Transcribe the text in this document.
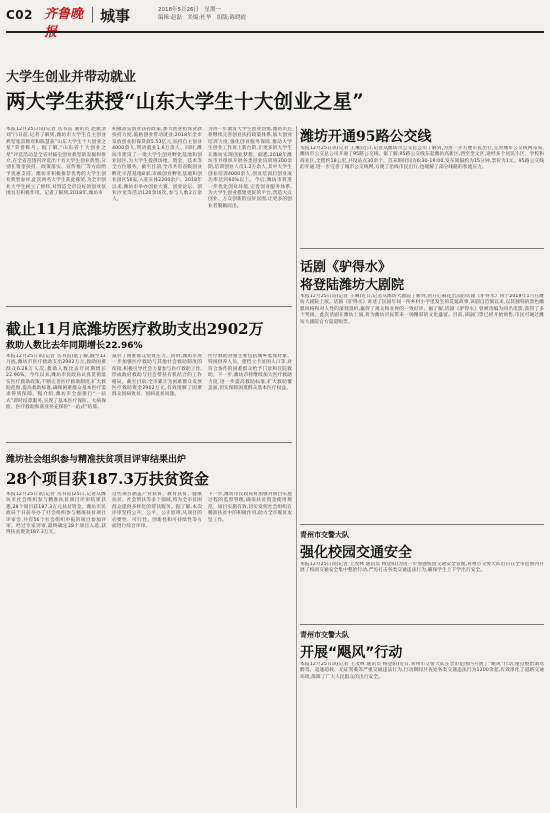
C02 齐鲁晚	城事	2018年5月26日　星期一
编辑:赵磊　美编:杜华　组版:陈晓霞
大学生创业并带动就业
两大学生获授“山东大学生十大创业之星”
本报12月25日讯(记者 丛书雷 通讯员 赵航清 刘宁)日前,记者了解到,潍坊市大学生自主创业典型张雷郎对和陈慧获“山东大学生十大创业之星”荣誉称号。据了解,“山东省十大创业之星”评选活动是全省对拔尖创业典型的发掘和推介,在全省范围内评选出十名大学生创业典型,分别在资金扶持、政策落实、宣传推广等方面给予优惠支持。潍坊市积极推荐优秀的大学生创业典型参评,此次两名大学生获此殊荣,为全市创业大学生树立了榜样,对营造全市良好的创业氛围具有积极作用。记者了解到,2018年,潍坊市
积极落实创业扶持政策,加大创业担保贷款扶持力度,鼓励创业带动就业,2018年全市发放创业担保贷款5.53亿元,扶持自主创业4000余人,带动就业1.6万余人。同时,潍坊市建设了一批大学生创业孵化基地和创业园区,为大学生提供场地、资金、技术等全方位服务。截至目前,全市共有省级创业孵化示范基地8家,市级创业孵化基地和创业园区56家,入驻实体2200余户。2018年以来,潍坊市举办创业大赛、创业论坛、创业沙龙等活动120余场次,参与人数2万余人。
为进一步激发大学生创业热情,潍坊市还将继续完善创业扶持政策体系,加大创业培训力度,强化创业服务保障,推动大学生创业工作再上新台阶,让更多的大学生在潍坊实现创业梦想。据悉,2018年潍坊市共组织开展各类创业培训班300余期,培训创业人员1.2万余人,其中大学生创业培训4000余人,创业培训后创业成功率达到60%以上。今后,潍坊市将进一步优化创业环境,完善创业服务体系,为大学生创业搭建更好的平台,营造大众创业、万众创新的良好氛围,让更多的创业者脱颖而出。
截止11月底潍坊医疗救助支出2902万
救助人数比去年同期增长22.96%
本报12月25日讯(记者 丛书雷)据了解,截至11月底,潍坊市医疗救助支出2902万元,救助困难群众6.28万人次,救助人数比去年同期增长22.96%。今年以来,潍坊市民政局认真贯彻落实医疗救助政策,不断完善医疗救助制度,扩大救助范围,提高救助标准,确保困难群众基本医疗需求得到保障。据介绍,潍坊市全面推行“一站式”即时结算服务,实现了基本医疗保险、大病保险、医疗救助和商业补充保险“一站式”结算,
减轻了困难群众垫资压力。同时,潍坊市进一步加强医疗救助与其他社会救助制度的衔接,积极引导社会力量参与医疗救助工作,形成政府救助与社会帮扶有机结合的工作格局。截至目前,全市累计为困难群众发放医疗救助资金2902万元,有效缓解了困难群众因病致贫、因病返贫问题。
医疗救助对象主要包括城乡低保对象、特困供养人员、建档立卡贫困人口等,对符合条件的困难群众给予门诊和住院救助。下一步,潍坊市将继续加大医疗救助力度,进一步提高救助标准,扩大救助覆盖面,切实保障困难群众基本医疗权益。
潍坊社会组织参与精准扶贫项目评审结果出炉
28个项目获187.3万扶贫资金
本报12月25日讯(记者 丛书雷)25日,记者从潍坊市社会组织参与精准扶贫项目评审结果获悉,28个项目获187.3万元扶贫资金。潍坊市民政局于日前举办了社会组织参与精准扶贫项目评审会,共有56个社会组织申报的项目参加评审。经过专家评审,最终确定28个项目入选,获得扶贫资金187.3万元,
这些项目涵盖产业扶贫、教育扶贫、健康扶贫、社会帮扶等多个领域,将为全市贫困群众提供多样化的帮扶服务。据了解,本次评审坚持公开、公平、公正原则,从项目的必要性、可行性、创新性和可持续性等方面进行综合评审。
下一步,潍坊市民政局将加强对项目实施过程的监督管理,确保扶贫资金使用规范、项目实施有效,切实发挥社会组织在精准扶贫中的积极作用,助力全市脱贫攻坚工作。
潍坊开通95路公交线
本报12月25日讯(记者 王琳)近日,记者从潍坊市公交总公司了解到,为进一步方便市民出行,完善城市公交线网布局,潍坊市公交总公司开通了95路公交线。据了解,95路公交线东起潍坊高新区,西至奎文区,途经多个居民小区、学校和商业区,全程约18公里,共设站点30余个。首末班时间为6:30-19:00,发车间隔约为15分钟,票价为1元。95路公交线的开通,进一步完善了城市公交线网,方便了沿线市民出行,也缓解了部分线路的客流压力。
话剧《驴得水》
将登陆潍坊大剧院
本报12月25日讯(记者 王琳)近日,记者从潍坊大剧院了解到,由开心麻花出品的话剧《驴得水》将于2019年1月在潍坊大剧院上演。话剧《驴得水》讲述了民国年间一所乡村小学里发生的荒诞故事,该剧自首演以来,以其独特的黑色幽默风格和对人性的深刻剖析,赢得了观众和业界的一致好评。据了解,话剧《驴得水》曾被改编为同名电影,获得了多个奖项。此次话剧在潍坊上演,将为潍坊市民带来一场精彩的文化盛宴。目前,该剧门票已经开始预售,市民可通过潍坊大剧院官方渠道购票。
青州市交警大队
强化校园交通安全
本报12月25日讯(记者 王茂林 通讯员 杨登阳)为进一步加强校园交通安全管理,青州市交警大队近日在全市范围内开展了校园交通安全集中整治行动,严厉打击各类交通违法行为,确保学生上下学出行安全。
青州市交警大队
开展“飓风”行动
本报12月25日讯(记者 王茂林 通讯员 杨登阳)近日,青州市交警大队在全市范围内开展了“飓风”行动,重点整治酒驾醉驾、超速超载、无证驾驶等严重交通违法行为,行动期间共查处各类交通违法行为1200余起,有效净化了道路交通环境,保障了广大人民群众的出行安全。
